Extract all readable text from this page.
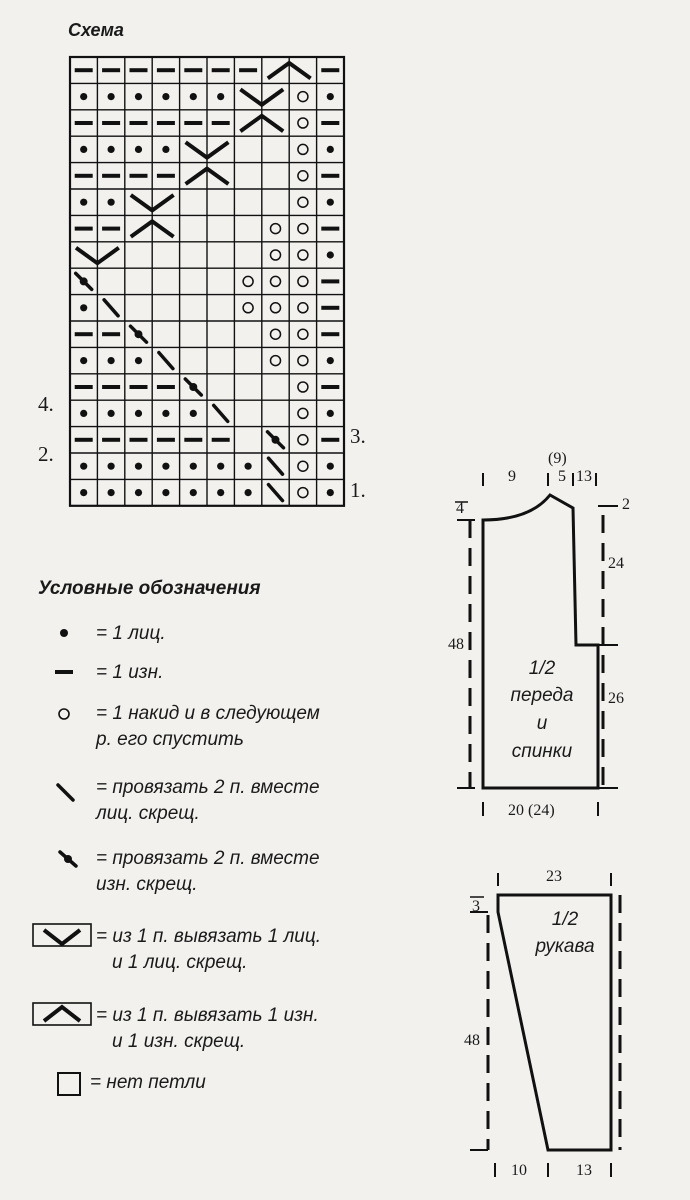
Схема
1.
2.
3.
4.
Условные обозначения
= 1 лиц.
= 1 изн.
= 1 накид и в следующем
р. его спустить
= провязать 2 п. вместе
лиц. скрещ.
= провязать 2 п. вместе
изн. скрещ.
= из 1 п. вывязать 1 лиц.
и 1 лиц. скрещ.
= из 1 п. вывязать 1 изн.
и 1 изн. скрещ.
= нет петли
(9)
9	5 13
4	2
48
24
26
20 (24)
1/2
переда
и
спинки
23
3
48
10	13
1/2
рукава
